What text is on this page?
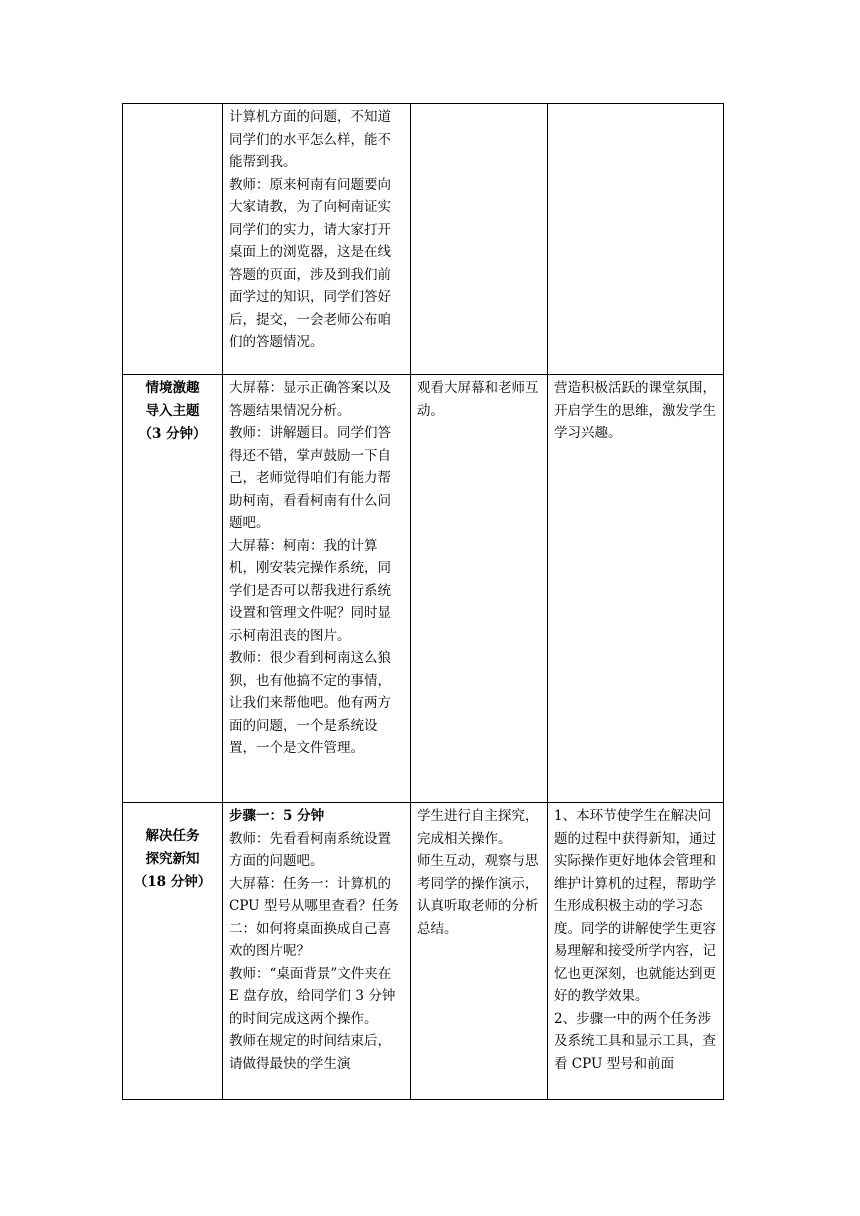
	计算机方面的问题，不知道同学们的水平怎么样，能不能帮到我。
教师：原来柯南有问题要向大家请教，为了向柯南证实同学们的实力，请大家打开桌面上的浏览器，这是在线答题的页面，涉及到我们前面学过的知识，同学们答好后，提交，一会老师公布咱们的答题情况。		

情境激趣
导入主题
（3 分钟）	大屏幕：显示正确答案以及答题结果情况分析。
教师：讲解题目。同学们答得还不错，掌声鼓励一下自己，老师觉得咱们有能力帮助柯南，看看柯南有什么问题吧。
大屏幕：柯南：我的计算机，刚安装完操作系统，同学们是否可以帮我进行系统设置和管理文件呢？同时显示柯南沮丧的图片。
教师：很少看到柯南这么狼狈，也有他搞不定的事情，让我们来帮他吧。他有两方面的问题，一个是系统设置，一个是文件管理。	观看大屏幕和老师互动。	营造积极活跃的课堂氛围，开启学生的思维，激发学生学习兴趣。

解决任务
探究新知
（18 分钟）	步骤一：5 分钟
教师：先看看柯南系统设置方面的问题吧。
大屏幕：任务一：计算机的 CPU 型号从哪里查看？任务二：如何将桌面换成自己喜欢的图片呢？
教师：“桌面背景”文件夹在 E 盘存放，给同学们 3 分钟的时间完成这两个操作。
教师在规定的时间结束后，请做得最快的学生演	学生进行自主探究，完成相关操作。
师生互动，观察与思考同学的操作演示，认真听取老师的分析总结。	1、本环节使学生在解决问题的过程中获得新知，通过实际操作更好地体会管理和维护计算机的过程，帮助学生形成积极主动的学习态度。同学的讲解使学生更容易理解和接受所学内容，记忆也更深刻，也就能达到更好的教学效果。
2、步骤一中的两个任务涉及系统工具和显示工具，查看 CPU 型号和前面
